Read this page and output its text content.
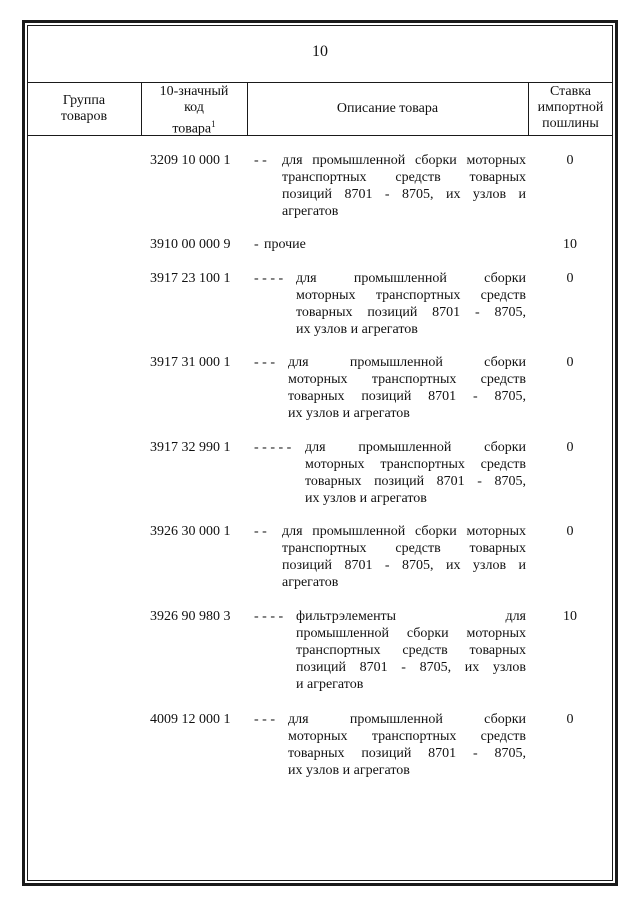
10
Группа
товаров
10-значный
код
товара$^1$
Описание товара
Ставка
импортной
пошлины
3209 10 000 1 - - для промышленной сборки моторных
транспортных средств товарных
позиций 8701 - 8705, их узлов и
агрегатов
0
3910 00 000 9 - прочие	10
3917 23 100 1 - - - - для промышленной сборки
моторных транспортных средств
товарных позиций 8701 - 8705,
их узлов и агрегатов
0
3917 31 000 1 - - - для промышленной сборки
моторных транспортных средств
товарных позиций 8701 - 8705,
их узлов и агрегатов
0
3917 32 990 1 - - - - - для промышленной сборки
моторных транспортных средств
товарных позиций 8701 - 8705,
их узлов и агрегатов
0
3926 30 000 1 - - для промышленной сборки моторных
транспортных средств товарных
позиций 8701 - 8705, их узлов и
агрегатов
0
3926 90 980 3 - - - - фильтрэлементы для
промышленной сборки моторных
транспортных средств товарных
позиций 8701 - 8705, их узлов
и агрегатов
10
4009 12 000 1 - - - для промышленной сборки
моторных транспортных средств
товарных позиций 8701 - 8705,
их узлов и агрегатов
0
